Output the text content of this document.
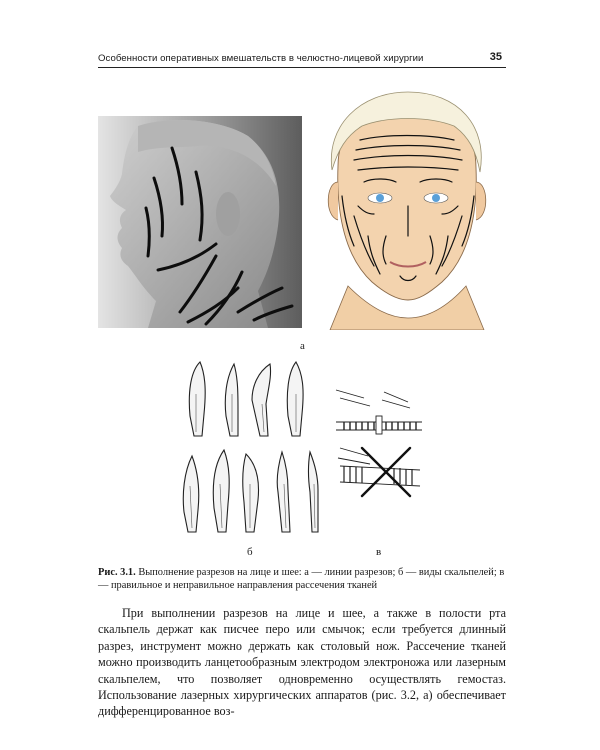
Особенности оперативных вмешательств в челюстно-лицевой хирургии	35
а
б	в
Рис. 3.1. Выполнение разрезов на лице и шее: а — линии разрезов; б — виды скальпелей; в — правильное и неправильное направления рассечения тканей

При выполнении разрезов на лице и шее, а также в полости рта скальпель держат как писчее перо или смычок; если требуется длинный разрез, инструмент можно держать как столовый нож. Рассечение тканей можно производить ланцетообразным электродом электроножа или лазерным скальпелем, что позволяет одновременно осуществлять гемостаз. Использование лазерных хирургических аппаратов (рис. 3.2, а) обеспечивает дифференцированное воз-
